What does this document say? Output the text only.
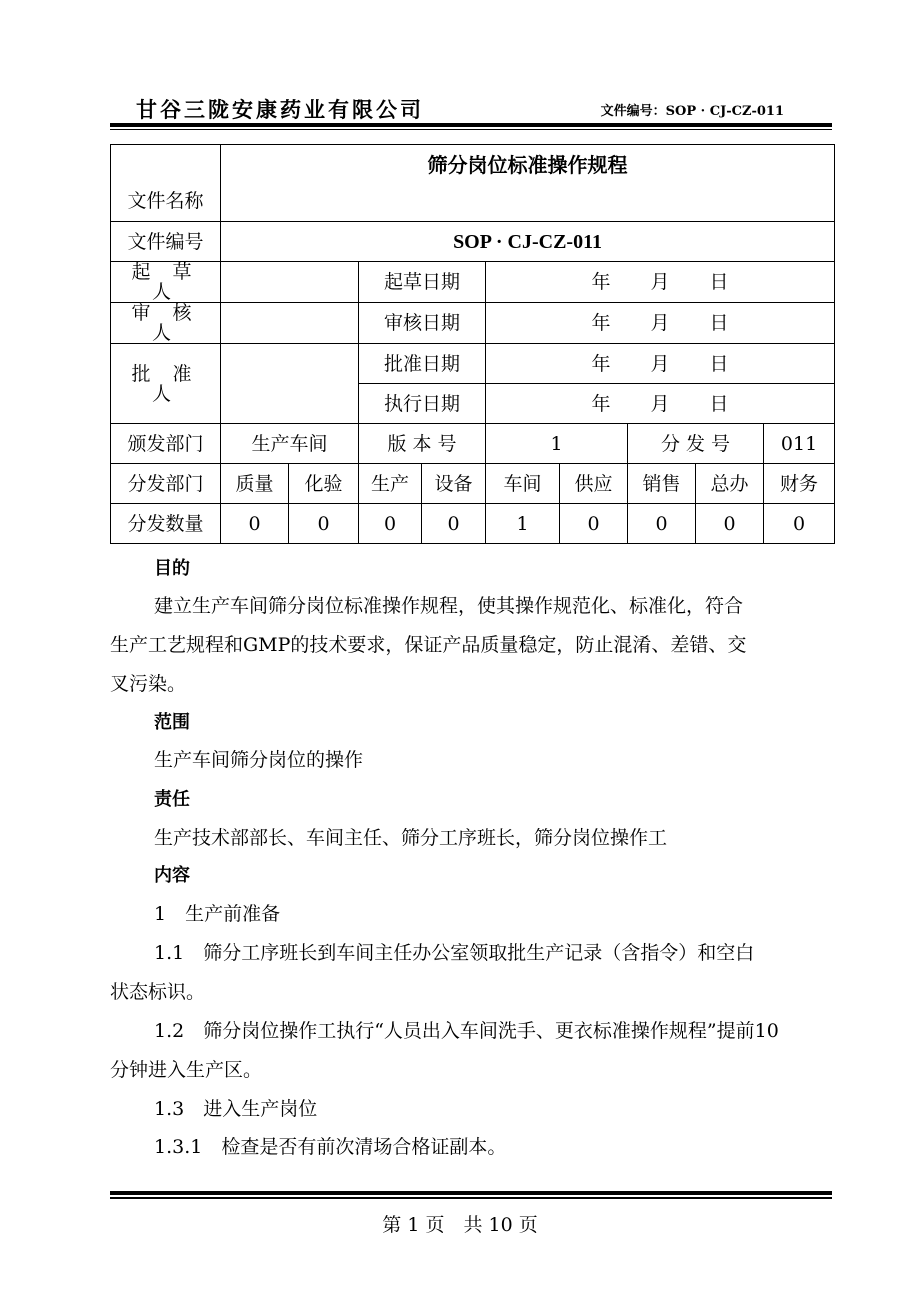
甘谷三陇安康药业有限公司	文件编号：SOP · CJ-CZ-011
文件名称	筛分岗位标准操作规程								
文件编号	SOP · CJ-CZ-011								
起 草 人			起草日期		年 月 日				
审 核 人			审核日期		年 月 日				
批 准 人			批准日期		年 月 日				
			执行日期		年 月 日				
颁发部门	生产车间		版 本 号		1		分 发 号		011
分发部门	质量	化验	生产	设备	车间	供应	销售	总办	财务
分发数量	0	0	0	0	1	0	0	0	0
目的
建立生产车间筛分岗位标准操作规程，使其操作规范化、标准化，符合
生产工艺规程和GMP的技术要求，保证产品质量稳定，防止混淆、差错、交
叉污染。
范围
生产车间筛分岗位的操作
责任
生产技术部部长、车间主任、筛分工序班长，筛分岗位操作工
内容
1　生产前准备
1.1　筛分工序班长到车间主任办公室领取批生产记录（含指令）和空白
状态标识。
1.2　筛分岗位操作工执行“人员出入车间洗手、更衣标准操作规程”提前10
分钟进入生产区。
1.3　进入生产岗位
1.3.1　检查是否有前次清场合格证副本。
第 1 页　共 10 页
